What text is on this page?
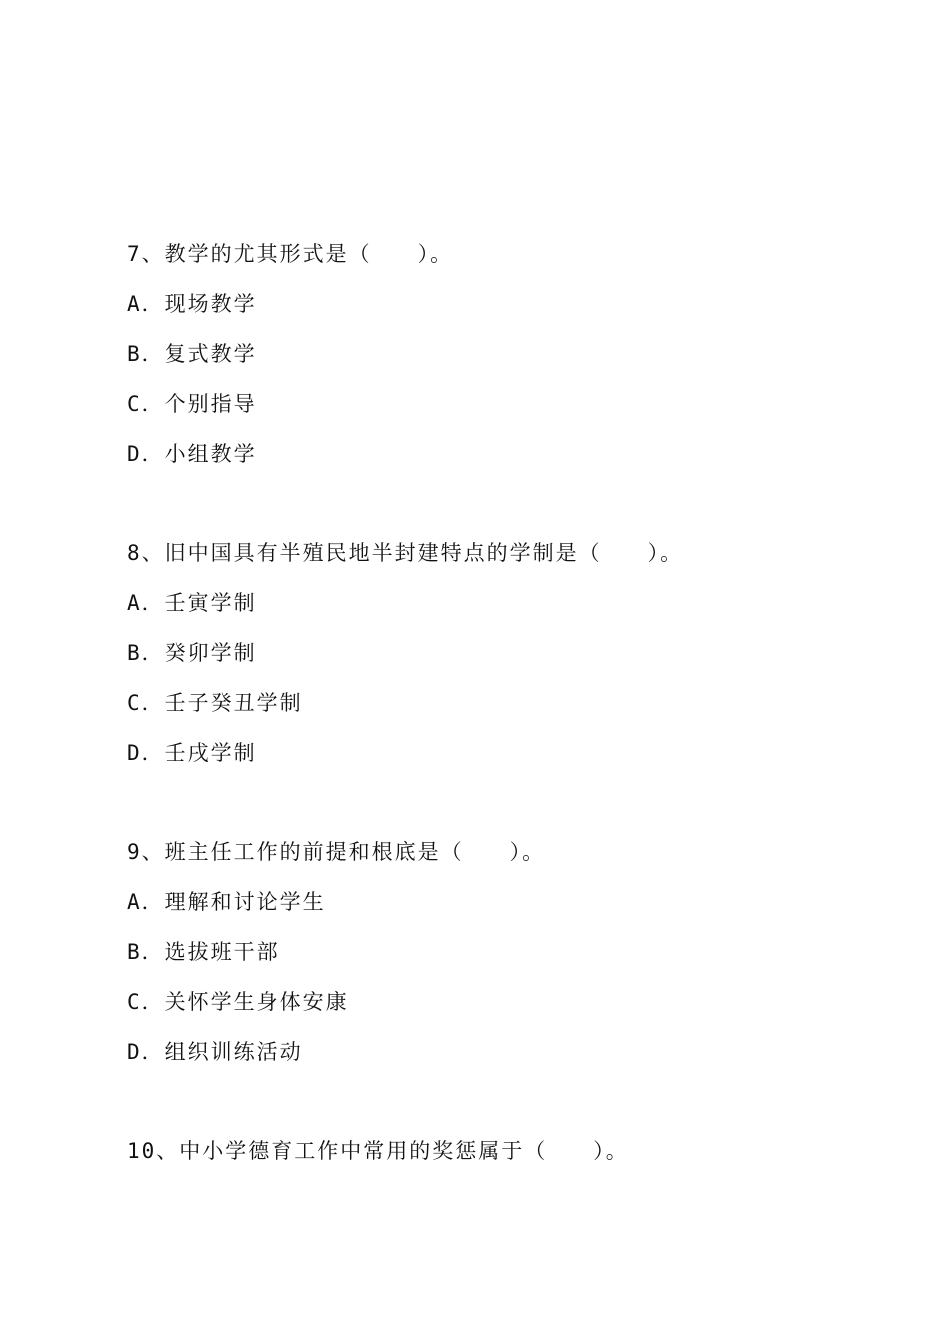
7、教学的尤其形式是（　　）。
A．现场教学
B．复式教学
C．个别指导
D．小组教学
8、旧中国具有半殖民地半封建特点的学制是（　　）。
A．壬寅学制
B．癸卯学制
C．壬子癸丑学制
D．壬戌学制
9、班主任工作的前提和根底是（　　）。
A．理解和讨论学生
B．选拔班干部
C．关怀学生身体安康
D．组织训练活动
10、中小学德育工作中常用的奖惩属于（　　）。
